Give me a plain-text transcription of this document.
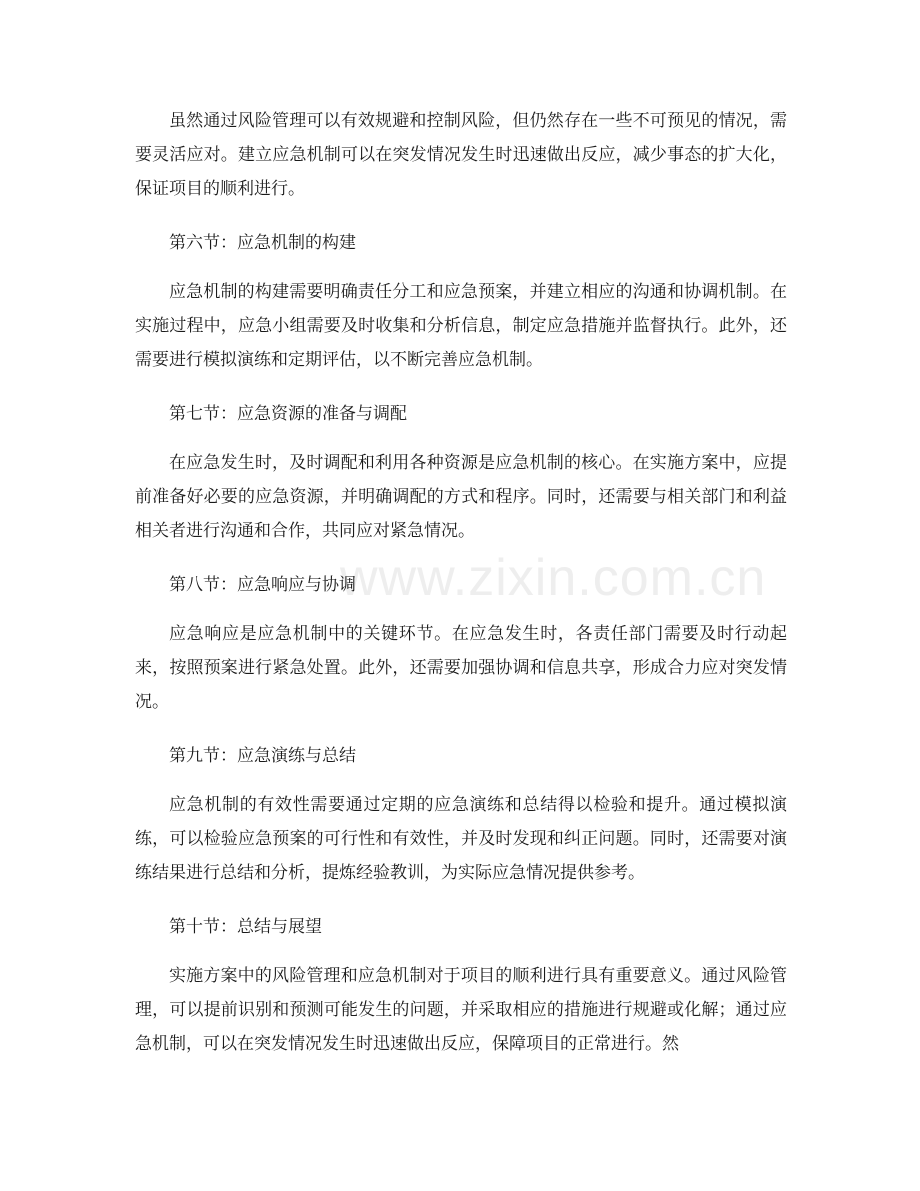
www.zixin.com.cn

虽然通过风险管理可以有效规避和控制风险，但仍然存在一些不可预见的情况，需要灵活应对。建立应急机制可以在突发情况发生时迅速做出反应，减少事态的扩大化，保证项目的顺利进行。

第六节：应急机制的构建

应急机制的构建需要明确责任分工和应急预案，并建立相应的沟通和协调机制。在实施过程中，应急小组需要及时收集和分析信息，制定应急措施并监督执行。此外，还需要进行模拟演练和定期评估，以不断完善应急机制。

第七节：应急资源的准备与调配

在应急发生时，及时调配和利用各种资源是应急机制的核心。在实施方案中，应提前准备好必要的应急资源，并明确调配的方式和程序。同时，还需要与相关部门和利益相关者进行沟通和合作，共同应对紧急情况。

第八节：应急响应与协调

应急响应是应急机制中的关键环节。在应急发生时，各责任部门需要及时行动起来，按照预案进行紧急处置。此外，还需要加强协调和信息共享，形成合力应对突发情况。

第九节：应急演练与总结

应急机制的有效性需要通过定期的应急演练和总结得以检验和提升。通过模拟演练，可以检验应急预案的可行性和有效性，并及时发现和纠正问题。同时，还需要对演练结果进行总结和分析，提炼经验教训，为实际应急情况提供参考。

第十节：总结与展望

实施方案中的风险管理和应急机制对于项目的顺利进行具有重要意义。通过风险管理，可以提前识别和预测可能发生的问题，并采取相应的措施进行规避或化解；通过应急机制，可以在突发情况发生时迅速做出反应，保障项目的正常进行。然
